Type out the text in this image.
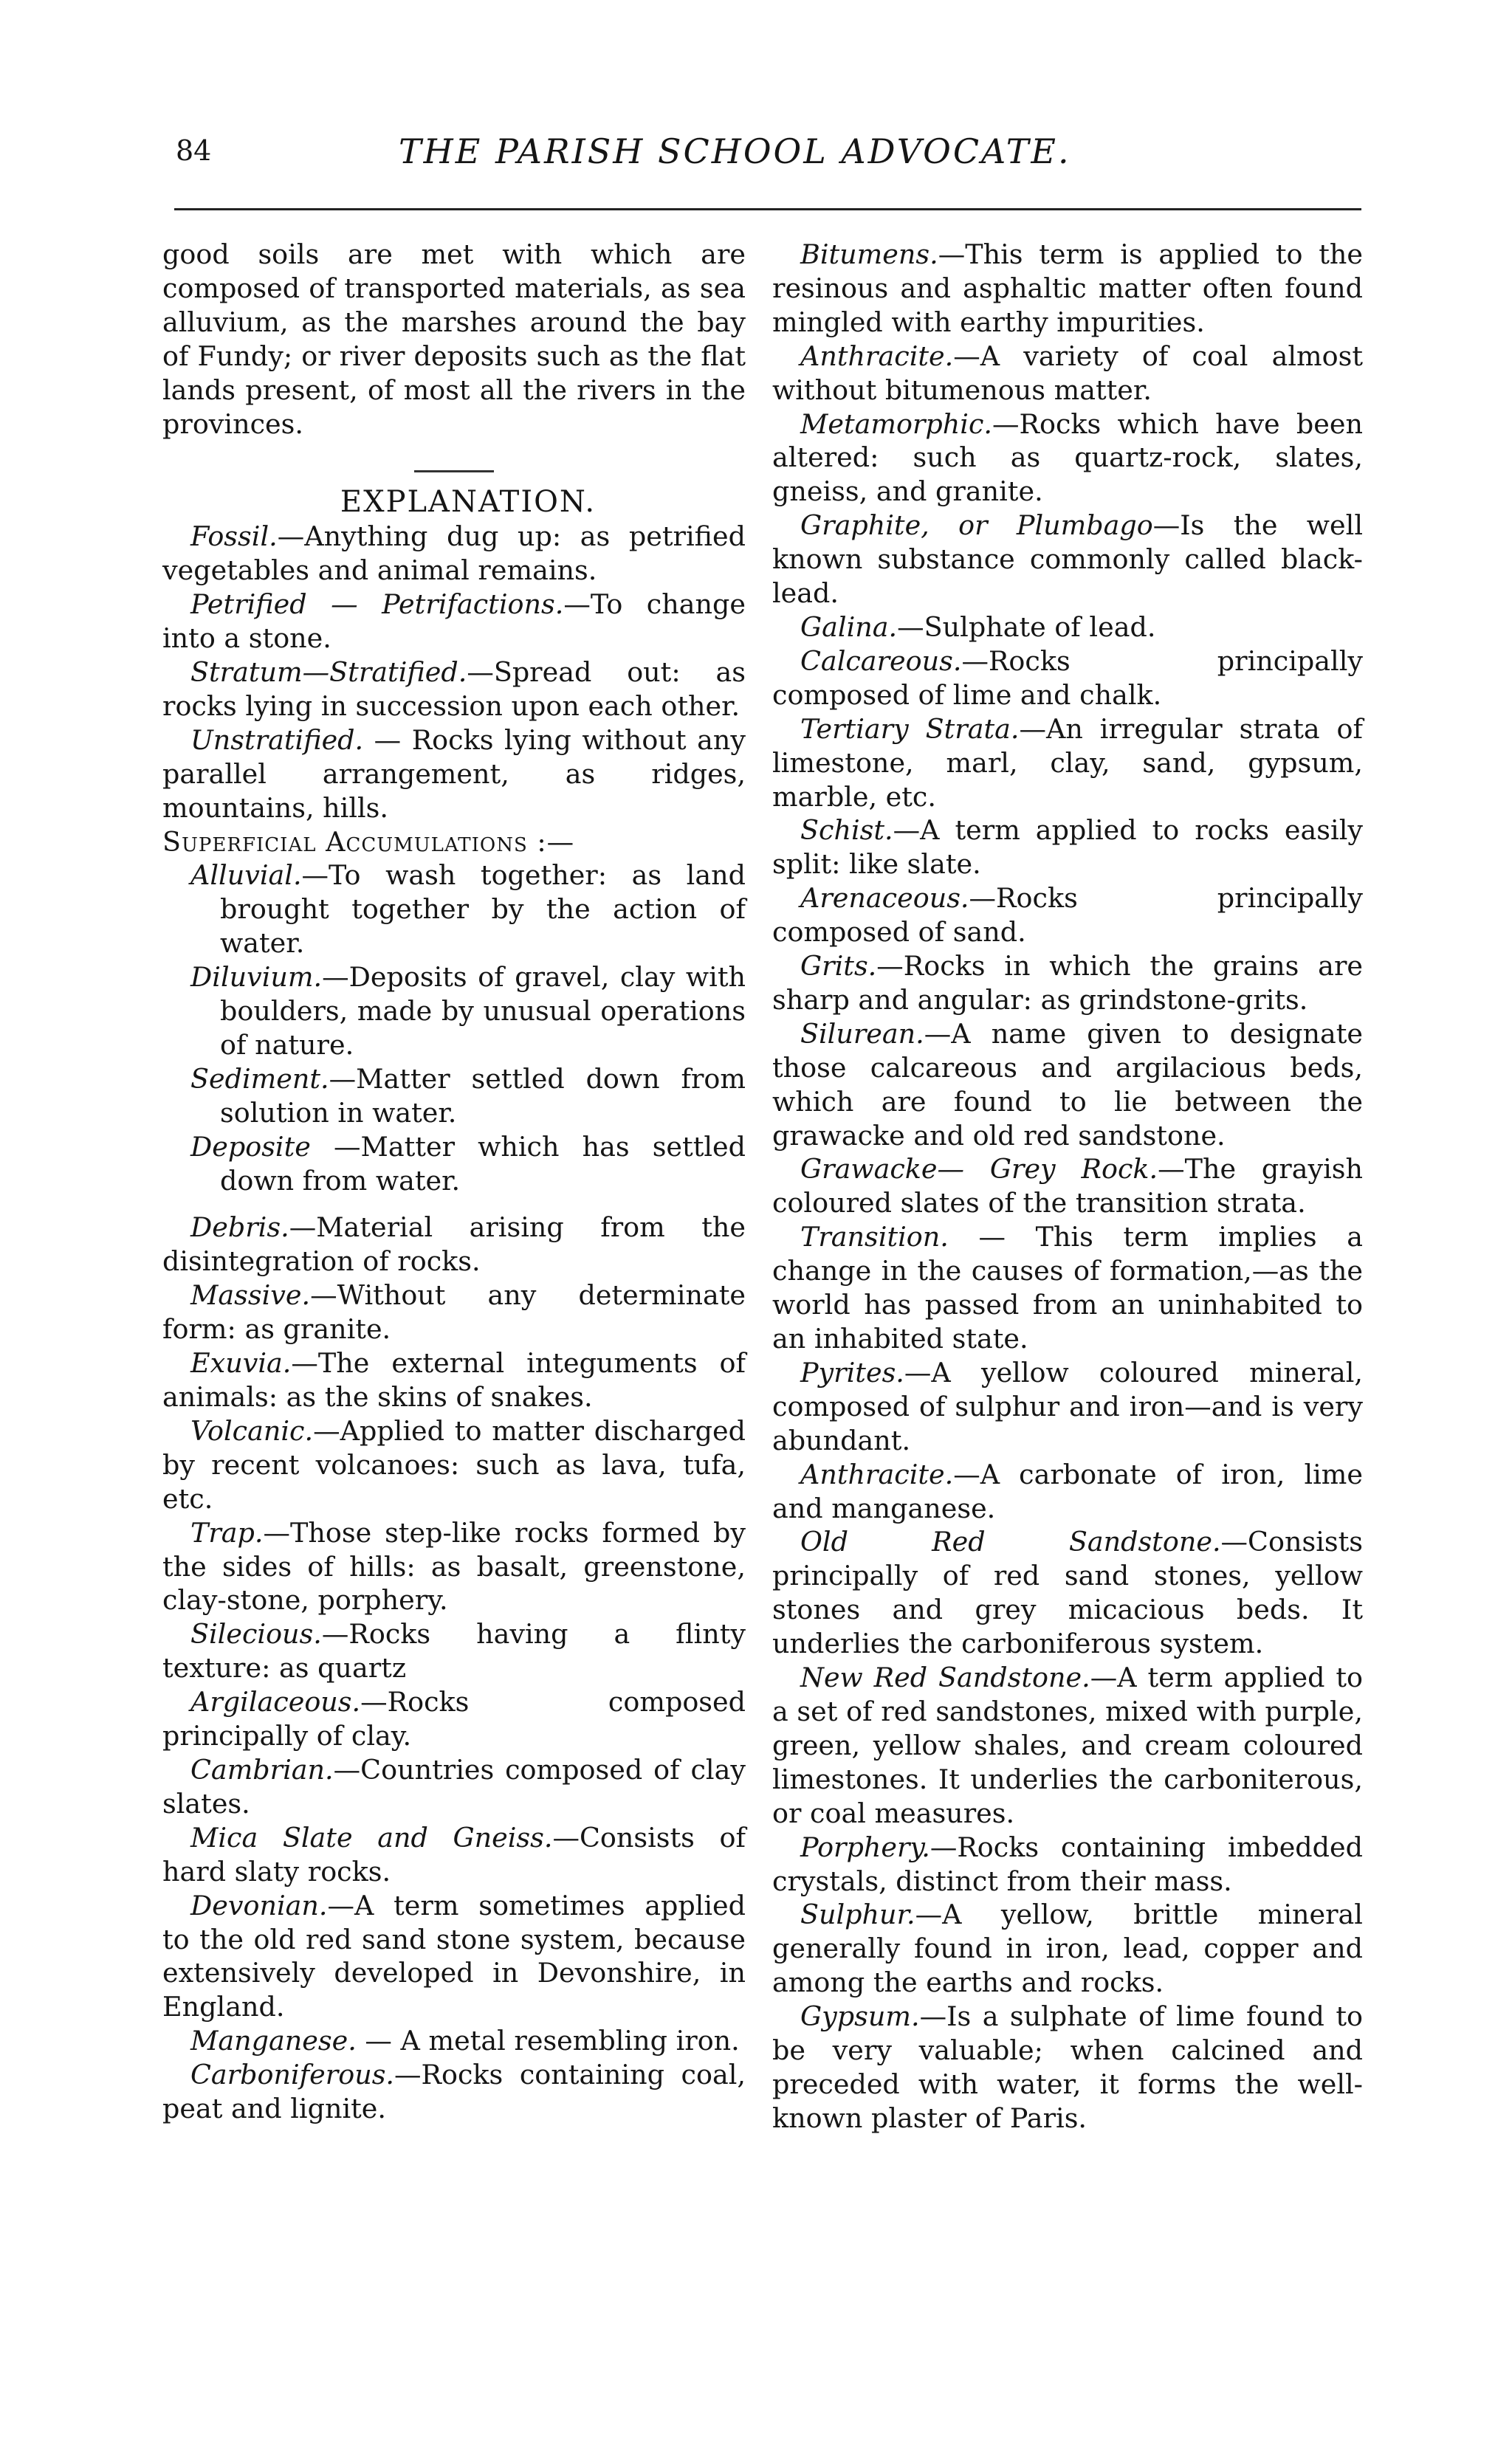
84	THE PARISH SCHOOL ADVOCATE.

good soils are met with which are composed of transported materials, as sea alluvium, as the marshes around the bay of Fundy; or river deposits such as the flat lands present, of most all the rivers in the provinces.

EXPLANATION.

Fossil.—Anything dug up: as petrified vegetables and animal remains.

Petrified — Petrifactions.—To change into a stone.

Stratum—Stratified.—Spread out: as rocks lying in succession upon each other.

Unstratified. — Rocks lying without any parallel arrangement, as ridges, mountains, hills.

Superficial Accumulations :—

Alluvial.—To wash together: as land brought together by the action of water.

Diluvium.—Deposits of gravel, clay with boulders, made by unusual operations of nature.

Sediment.—Matter settled down from solution in water.

Deposite —Matter which has settled down from water.

Debris.—Material arising from the disintegration of rocks.

Massive.—Without any determinate form: as granite.

Exuvia.—The external integuments of animals: as the skins of snakes.

Volcanic.—Applied to matter discharged by recent volcanoes: such as lava, tufa, etc.

Trap.—Those step-like rocks formed by the sides of hills: as basalt, greenstone, clay-stone, porphery.

Silecious.—Rocks having a flinty texture: as quartz

Argilaceous.—Rocks composed principally of clay.

Cambrian.—Countries composed of clay slates.

Mica Slate and Gneiss.—Consists of hard slaty rocks.

Devonian.—A term sometimes applied to the old red sand stone system, because extensively developed in Devonshire, in England.

Manganese. — A metal resembling iron.

Carboniferous.—Rocks containing coal, peat and lignite.

Bitumens.—This term is applied to the resinous and asphaltic matter often found mingled with earthy impurities.

Anthracite.—A variety of coal almost without bitumenous matter.

Metamorphic.—Rocks which have been altered: such as quartz-rock, slates, gneiss, and granite.

Graphite, or Plumbago—Is the well known substance commonly called black-lead.

Galina.—Sulphate of lead.

Calcareous.—Rocks principally composed of lime and chalk.

Tertiary Strata.—An irregular strata of limestone, marl, clay, sand, gypsum, marble, etc.

Schist.—A term applied to rocks easily split: like slate.

Arenaceous.—Rocks principally composed of sand.

Grits.—Rocks in which the grains are sharp and angular: as grindstone-grits.

Silurean.—A name given to designate those calcareous and argilacious beds, which are found to lie between the grawacke and old red sandstone.

Grawacke— Grey Rock.—The grayish coloured slates of the transition strata.

Transition. — This term implies a change in the causes of formation,—as the world has passed from an uninhabited to an inhabited state.

Pyrites.—A yellow coloured mineral, composed of sulphur and iron—and is very abundant.

Anthracite.—A carbonate of iron, lime and manganese.

Old Red Sandstone.—Consists principally of red sand stones, yellow stones and grey micacious beds. It underlies the carboniferous system.

New Red Sandstone.—A term applied to a set of red sandstones, mixed with purple, green, yellow shales, and cream coloured limestones. It underlies the carboniterous, or coal measures.

Porphery.—Rocks containing imbedded crystals, distinct from their mass.

Sulphur.—A yellow, brittle mineral generally found in iron, lead, copper and among the earths and rocks.

Gypsum.—Is a sulphate of lime found to be very valuable; when calcined and preceded with water, it forms the well-known plaster of Paris.
